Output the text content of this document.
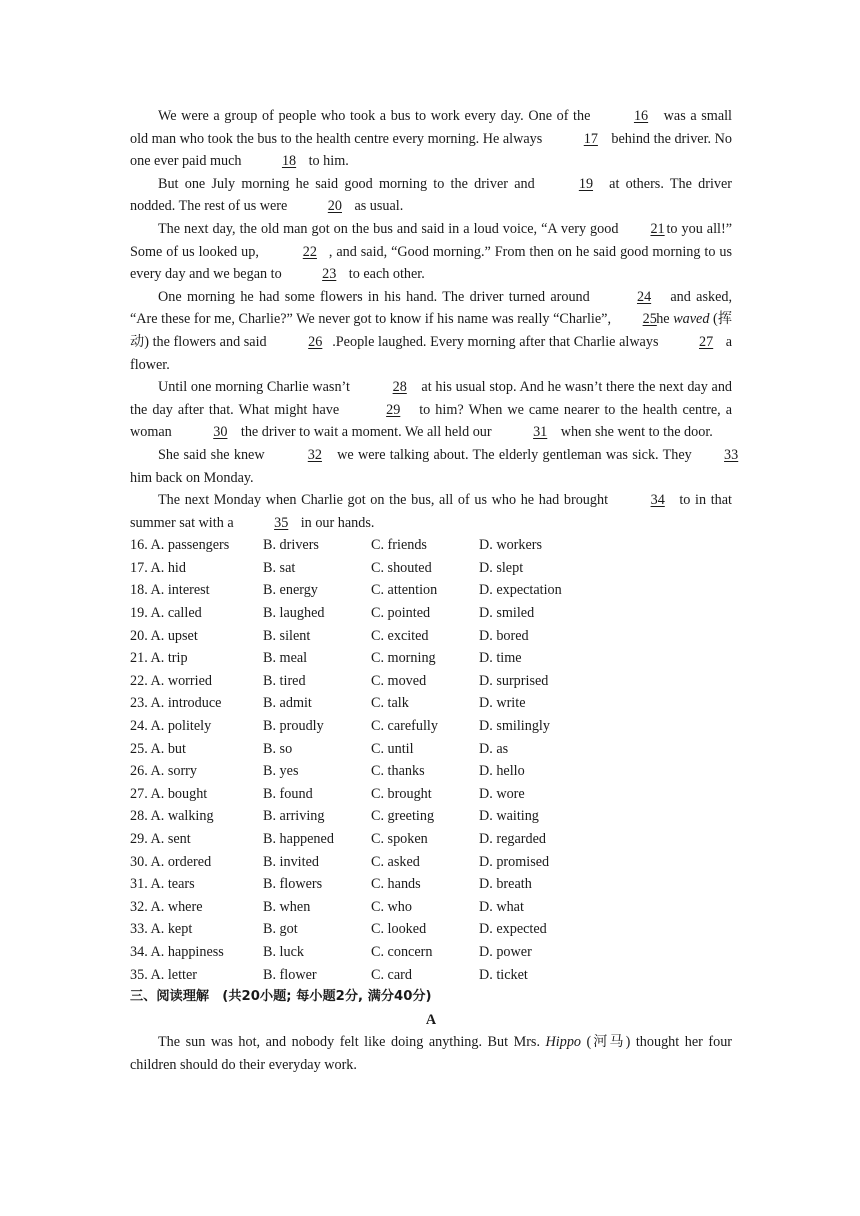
We were a group of people who took a bus to work every day. One of the	16 was a small old man who took the bus to the health centre every morning. He always	17 behind the driver. No one ever paid much	18 to him.

But one July morning he said good morning to the driver and	19 at others. The driver nodded. The rest of us were	20 as usual.

The next day, the old man got on the bus and said in a loud voice, “A very good 21 to you all!” Some of us looked up,	22 , and said, “Good morning.” From then on he said good morning to us every day and we began to	23 to each other.

One morning he had some flowers in his hand. The driver turned around	24 and asked, “Are these for me, Charlie?” We never got to know if his name was really “Charlie”, 25 he waved (挥动) the flowers and said	26 .People laughed. Every morning after that Charlie always	27 a flower.

Until one morning Charlie wasn’t	28 at his usual stop. And he wasn’t there the next day and the day after that. What might have	29 to him? When we came nearer to the health centre, a woman	30 the driver to wait a moment. We all held our	31 when she went to the door.

She said she knew	32 we were talking about. The elderly gentleman was sick. They 33 him back on Monday.

The next Monday when Charlie got on the bus, all of us who he had brought	34 to in that summer sat with a	35 in our hands.

16. A. passengers	B. drivers	C. friends	D. workers
17. A. hid	B. sat	C. shouted	D. slept
18. A. interest	B. energy	C. attention	D. expectation
19. A. called	B. laughed	C. pointed	D. smiled
20. A. upset	B. silent	C. excited	D. bored
21. A. trip	B. meal	C. morning	D. time
22. A. worried	B. tired	C. moved	D. surprised
23. A. introduce	B. admit	C. talk	D. write
24. A. politely	B. proudly	C. carefully	D. smilingly
25. A. but	B. so	C. until	D. as
26. A. sorry	B. yes	C. thanks	D. hello
27. A. bought	B. found	C. brought	D. wore
28. A. walking	B. arriving	C. greeting	D. waiting
29. A. sent	B. happened	C. spoken	D. regarded
30. A. ordered	B. invited	C. asked	D. promised
31. A. tears	B. flowers	C. hands	D. breath
32. A. where	B. when	C. who	D. what
33. A. kept	B. got	C. looked	D. expected
34. A. happiness	B. luck	C. concern	D. power
35. A. letter	B. flower	C. card	D. ticket

三、阅读理解　(共20小题; 每小题2分, 满分40分)

A

The sun was hot, and nobody felt like doing anything. But Mrs. Hippo (河马) thought her four children should do their everyday work.
